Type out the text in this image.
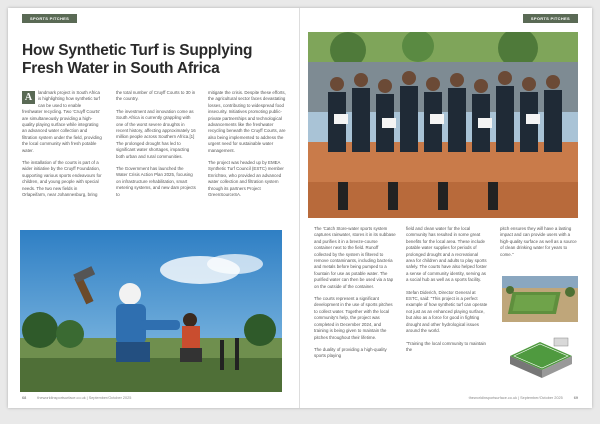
SPORTS PITCHES
How Synthetic Turf is Supplying Fresh Water in South Africa

A	landmark project in South Africa is highlighting how synthetic turf can be used to enable freshwater recycling. Two 'Cruyff Courts' are simultaneously providing a high-quality playing surface while integrating an advanced water collection and filtration system under the field, providing the local community with fresh potable water.

The installation of the courts is part of a wider initiative by the Cruyff Foundation, supporting various sports endeavours for children, and young people with special needs. The two new fields in Orlapeifarm, near Johannesburg, bring

the total number of Cruyff Courts to 30 in the country.

The investment and innovation come as South Africa is currently grappling with one of the worst severe droughts in recent history, affecting approximately 16 million people across Southern Africa.[1] The prolonged drought has led to significant water shortages, impacting both urban and rural communities.

The Government has launched the Water Crisis Action Plan 2025, focusing on infrastructure rehabilitation, smart metering systems, and new dam projects to

mitigate the crisis. Despite these efforts, the agricultural sector faces devastating losses, contributing to widespread food insecurity. Initiatives promoting public-private partnerships and technological advancements like the freshwater recycling beneath the Cruyff Courts, are also being implemented to address the urgent need for sustainable water management.

The project was headed up by EMEA Synthetic Turf Council (ESTC) member Enrichtex, who provided an advanced water collection and filtration system through its partners Project GreenSourceSA.

68	theworldinsportsurface.co.uk | September/October 2025
SPORTS PITCHES

The 'Catch Store-water sports system captures rainwater, stores it in its subbase and purifies it in a breeze-course container next to the field. Runoff collected by the system is filtered to remove contaminants, including bacteria and metals before being pumped to a fountain for use as potable water. The purified water can then be used via a tap on the outside of the container.

The courts represent a significant development in the use of sports pitches to collect water. Together with the local community's help, the project was completed in December 2024, and training is being given to maintain the pitches throughout their lifetime.

The duality of providing a high-quality sports playing

field and clean water for the local community has resulted in some great benefits for the local area. These include potable water supplies for periods of prolonged drought and a recreational area for children and adults to play sports safely. The courts have also helped foster a sense of community identity, serving as a social hub as well as a sports facility.

Stefan Diderich, Director General at ESTC, said: "This project is a perfect example of how synthetic turf can operate not just as an enhanced playing surface, but also as a force for good in fighting drought and other hydrological issues around the world.

"Training the local community to maintain the

pitch ensures they will have a lasting impact and can provide users with a high-quality surface as well as a source of clean drinking water for years to come."

theworldinsportsurface.co.uk | September/October 2025	69
